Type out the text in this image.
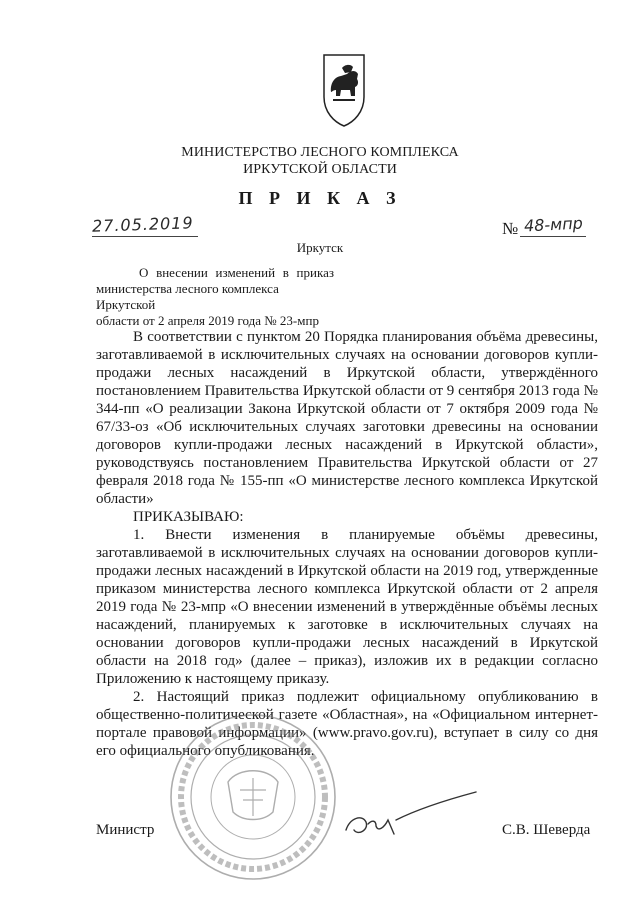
МИНИСТЕРСТВО ЛЕСНОГО КОМПЛЕКСА
ИРКУТСКОЙ ОБЛАСТИ
П Р И К А З
27.05.2019	№ 48-мпр
Иркутск
О внесении изменений в приказ
министерства лесного комплекса Иркутской
области от 2 апреля 2019 года № 23-мпр

В соответствии с пунктом 20 Порядка планирования объёма древесины, заготавливаемой в исключительных случаях на основании договоров купли-продажи лесных насаждений в Иркутской области, утверждённого постановлением Правительства Иркутской области от 9 сентября 2013 года № 344-пп «О реализации Закона Иркутской области от 7 октября 2009 года № 67/33-оз «Об исключительных случаях заготовки древесины на основании договоров купли-продажи лесных насаждений в Иркутской области», руководствуясь постановлением Правительства Иркутской области от 27 февраля 2018 года № 155-пп «О министерстве лесного комплекса Иркутской области»

ПРИКАЗЫВАЮ:

1. Внести изменения в планируемые объёмы древесины, заготавливаемой в исключительных случаях на основании договоров купли-продажи лесных насаждений в Иркутской области на 2019 год, утвержденные приказом министерства лесного комплекса Иркутской области от 2 апреля 2019 года № 23-мпр «О внесении изменений в утверждённые объёмы лесных насаждений, планируемых к заготовке в исключительных случаях на основании договоров купли-продажи лесных насаждений в Иркутской области на 2018 год» (далее – приказ), изложив их в редакции согласно Приложению к настоящему приказу.

2. Настоящий приказ подлежит официальному опубликованию в общественно-политической газете «Областная», на «Официальном интернет-портале правовой информации» (www.pravo.gov.ru), вступает в силу со дня его официального опубликования.

Министр	С.В. Шеверда
